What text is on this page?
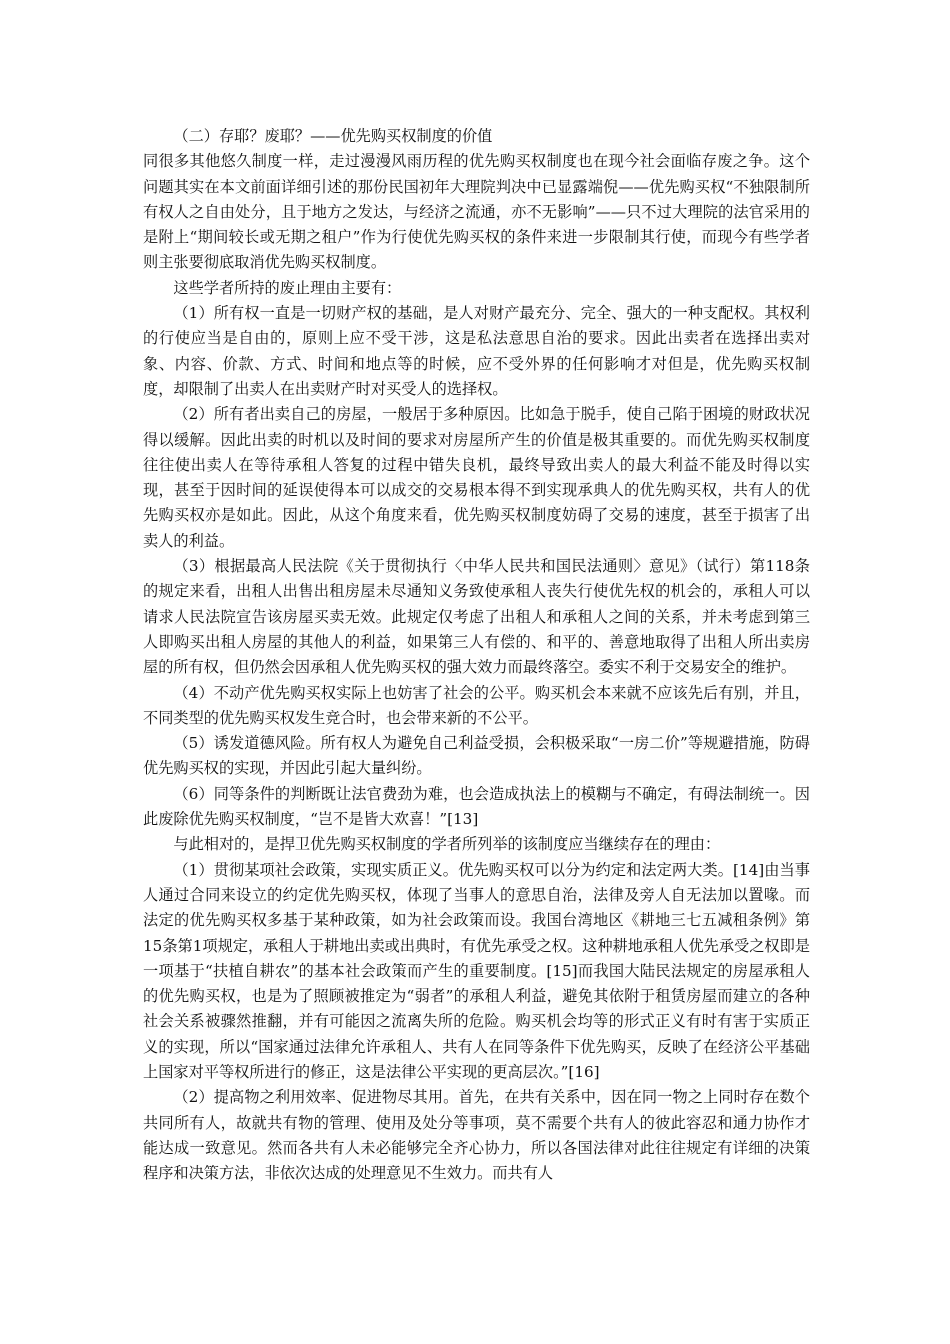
（二）存耶？废耶？——优先购买权制度的价值

同很多其他悠久制度一样，走过漫漫风雨历程的优先购买权制度也在现今社会面临存废之争。这个问题其实在本文前面详细引述的那份民国初年大理院判决中已显露端倪——优先购买权“不独限制所有权人之自由处分，且于地方之发达，与经济之流通，亦不无影响”——只不过大理院的法官采用的是附上“期间较长或无期之租户”作为行使优先购买权的条件来进一步限制其行使，而现今有些学者则主张要彻底取消优先购买权制度。

这些学者所持的废止理由主要有：

（1）所有权一直是一切财产权的基础，是人对财产最充分、完全、强大的一种支配权。其权利的行使应当是自由的，原则上应不受干涉，这是私法意思自治的要求。因此出卖者在选择出卖对象、内容、价款、方式、时间和地点等的时候，应不受外界的任何影响才对但是，优先购买权制度，却限制了出卖人在出卖财产时对买受人的选择权。

（2）所有者出卖自己的房屋，一般居于多种原因。比如急于脱手，使自己陷于困境的财政状况得以缓解。因此出卖的时机以及时间的要求对房屋所产生的价值是极其重要的。而优先购买权制度往往使出卖人在等待承租人答复的过程中错失良机，最终导致出卖人的最大利益不能及时得以实现，甚至于因时间的延误使得本可以成交的交易根本得不到实现承典人的优先购买权，共有人的优先购买权亦是如此。因此，从这个角度来看，优先购买权制度妨碍了交易的速度，甚至于损害了出卖人的利益。

（3）根据最高人民法院《关于贯彻执行〈中华人民共和国民法通则〉意见》（试行）第118条的规定来看，出租人出售出租房屋未尽通知义务致使承租人丧失行使优先权的机会的，承租人可以请求人民法院宣告该房屋买卖无效。此规定仅考虑了出租人和承租人之间的关系，并未考虑到第三人即购买出租人房屋的其他人的利益，如果第三人有偿的、和平的、善意地取得了出租人所出卖房屋的所有权，但仍然会因承租人优先购买权的强大效力而最终落空。委实不利于交易安全的维护。

（4）不动产优先购买权实际上也妨害了社会的公平。购买机会本来就不应该先后有别，并且，不同类型的优先购买权发生竞合时，也会带来新的不公平。

（5）诱发道德风险。所有权人为避免自己利益受损，会积极采取“一房二价”等规避措施，防碍优先购买权的实现，并因此引起大量纠纷。

（6）同等条件的判断既让法官费劲为难，也会造成执法上的模糊与不确定，有碍法制统一。因此废除优先购买权制度，“岂不是皆大欢喜！”[13]

与此相对的，是捍卫优先购买权制度的学者所列举的该制度应当继续存在的理由：

（1）贯彻某项社会政策，实现实质正义。优先购买权可以分为约定和法定两大类。[14]由当事人通过合同来设立的约定优先购买权，体现了当事人的意思自治，法律及旁人自无法加以置喙。而法定的优先购买权多基于某种政策，如为社会政策而设。我国台湾地区《耕地三七五减租条例》第15条第1项规定，承租人于耕地出卖或出典时，有优先承受之权。这种耕地承租人优先承受之权即是一项基于“扶植自耕农”的基本社会政策而产生的重要制度。[15]而我国大陆民法规定的房屋承租人的优先购买权，也是为了照顾被推定为“弱者”的承租人利益，避免其依附于租赁房屋而建立的各种社会关系被骤然推翻，并有可能因之流离失所的危险。购买机会均等的形式正义有时有害于实质正义的实现，所以“国家通过法律允许承租人、共有人在同等条件下优先购买，反映了在经济公平基础上国家对平等权所进行的修正，这是法律公平实现的更高层次。”[16]

（2）提高物之利用效率、促进物尽其用。首先，在共有关系中，因在同一物之上同时存在数个共同所有人，故就共有物的管理、使用及处分等事项，莫不需要个共有人的彼此容忍和通力协作才能达成一致意见。然而各共有人未必能够完全齐心协力，所以各国法律对此往往规定有详细的决策程序和决策方法，非依次达成的处理意见不生效力。而共有人
